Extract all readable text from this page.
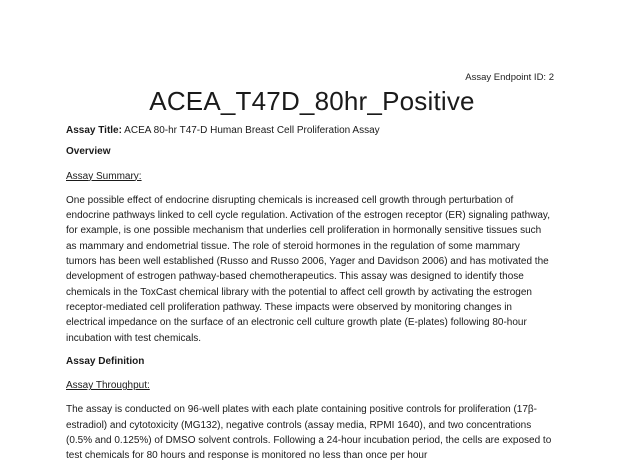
Assay Endpoint ID: 2
ACEA_T47D_80hr_Positive

Assay Title: ACEA 80-hr T47-D Human Breast Cell Proliferation Assay

Overview

Assay Summary:

One possible effect of endocrine disrupting chemicals is increased cell growth through perturbation of endocrine pathways linked to cell cycle regulation. Activation of the estrogen receptor (ER) signaling pathway, for example, is one possible mechanism that underlies cell proliferation in hormonally sensitive tissues such as mammary and endometrial tissue. The role of steroid hormones in the regulation of some mammary tumors has been well established (Russo and Russo 2006, Yager and Davidson 2006) and has motivated the development of estrogen pathway-based chemotherapeutics. This assay was designed to identify those chemicals in the ToxCast chemical library with the potential to affect cell growth by activating the estrogen receptor-mediated cell proliferation pathway. These impacts were observed by monitoring changes in electrical impedance on the surface of an electronic cell culture growth plate (E-plates) following 80-hour incubation with test chemicals.

Assay Definition

Assay Throughput:

The assay is conducted on 96-well plates with each plate containing positive controls for proliferation (17β-estradiol) and cytotoxicity (MG132), negative controls (assay media, RPMI 1640), and two concentrations (0.5% and 0.125%) of DMSO solvent controls. Following a 24-hour incubation period, the cells are exposed to test chemicals for 80 hours and response is monitored no less than once per hour
